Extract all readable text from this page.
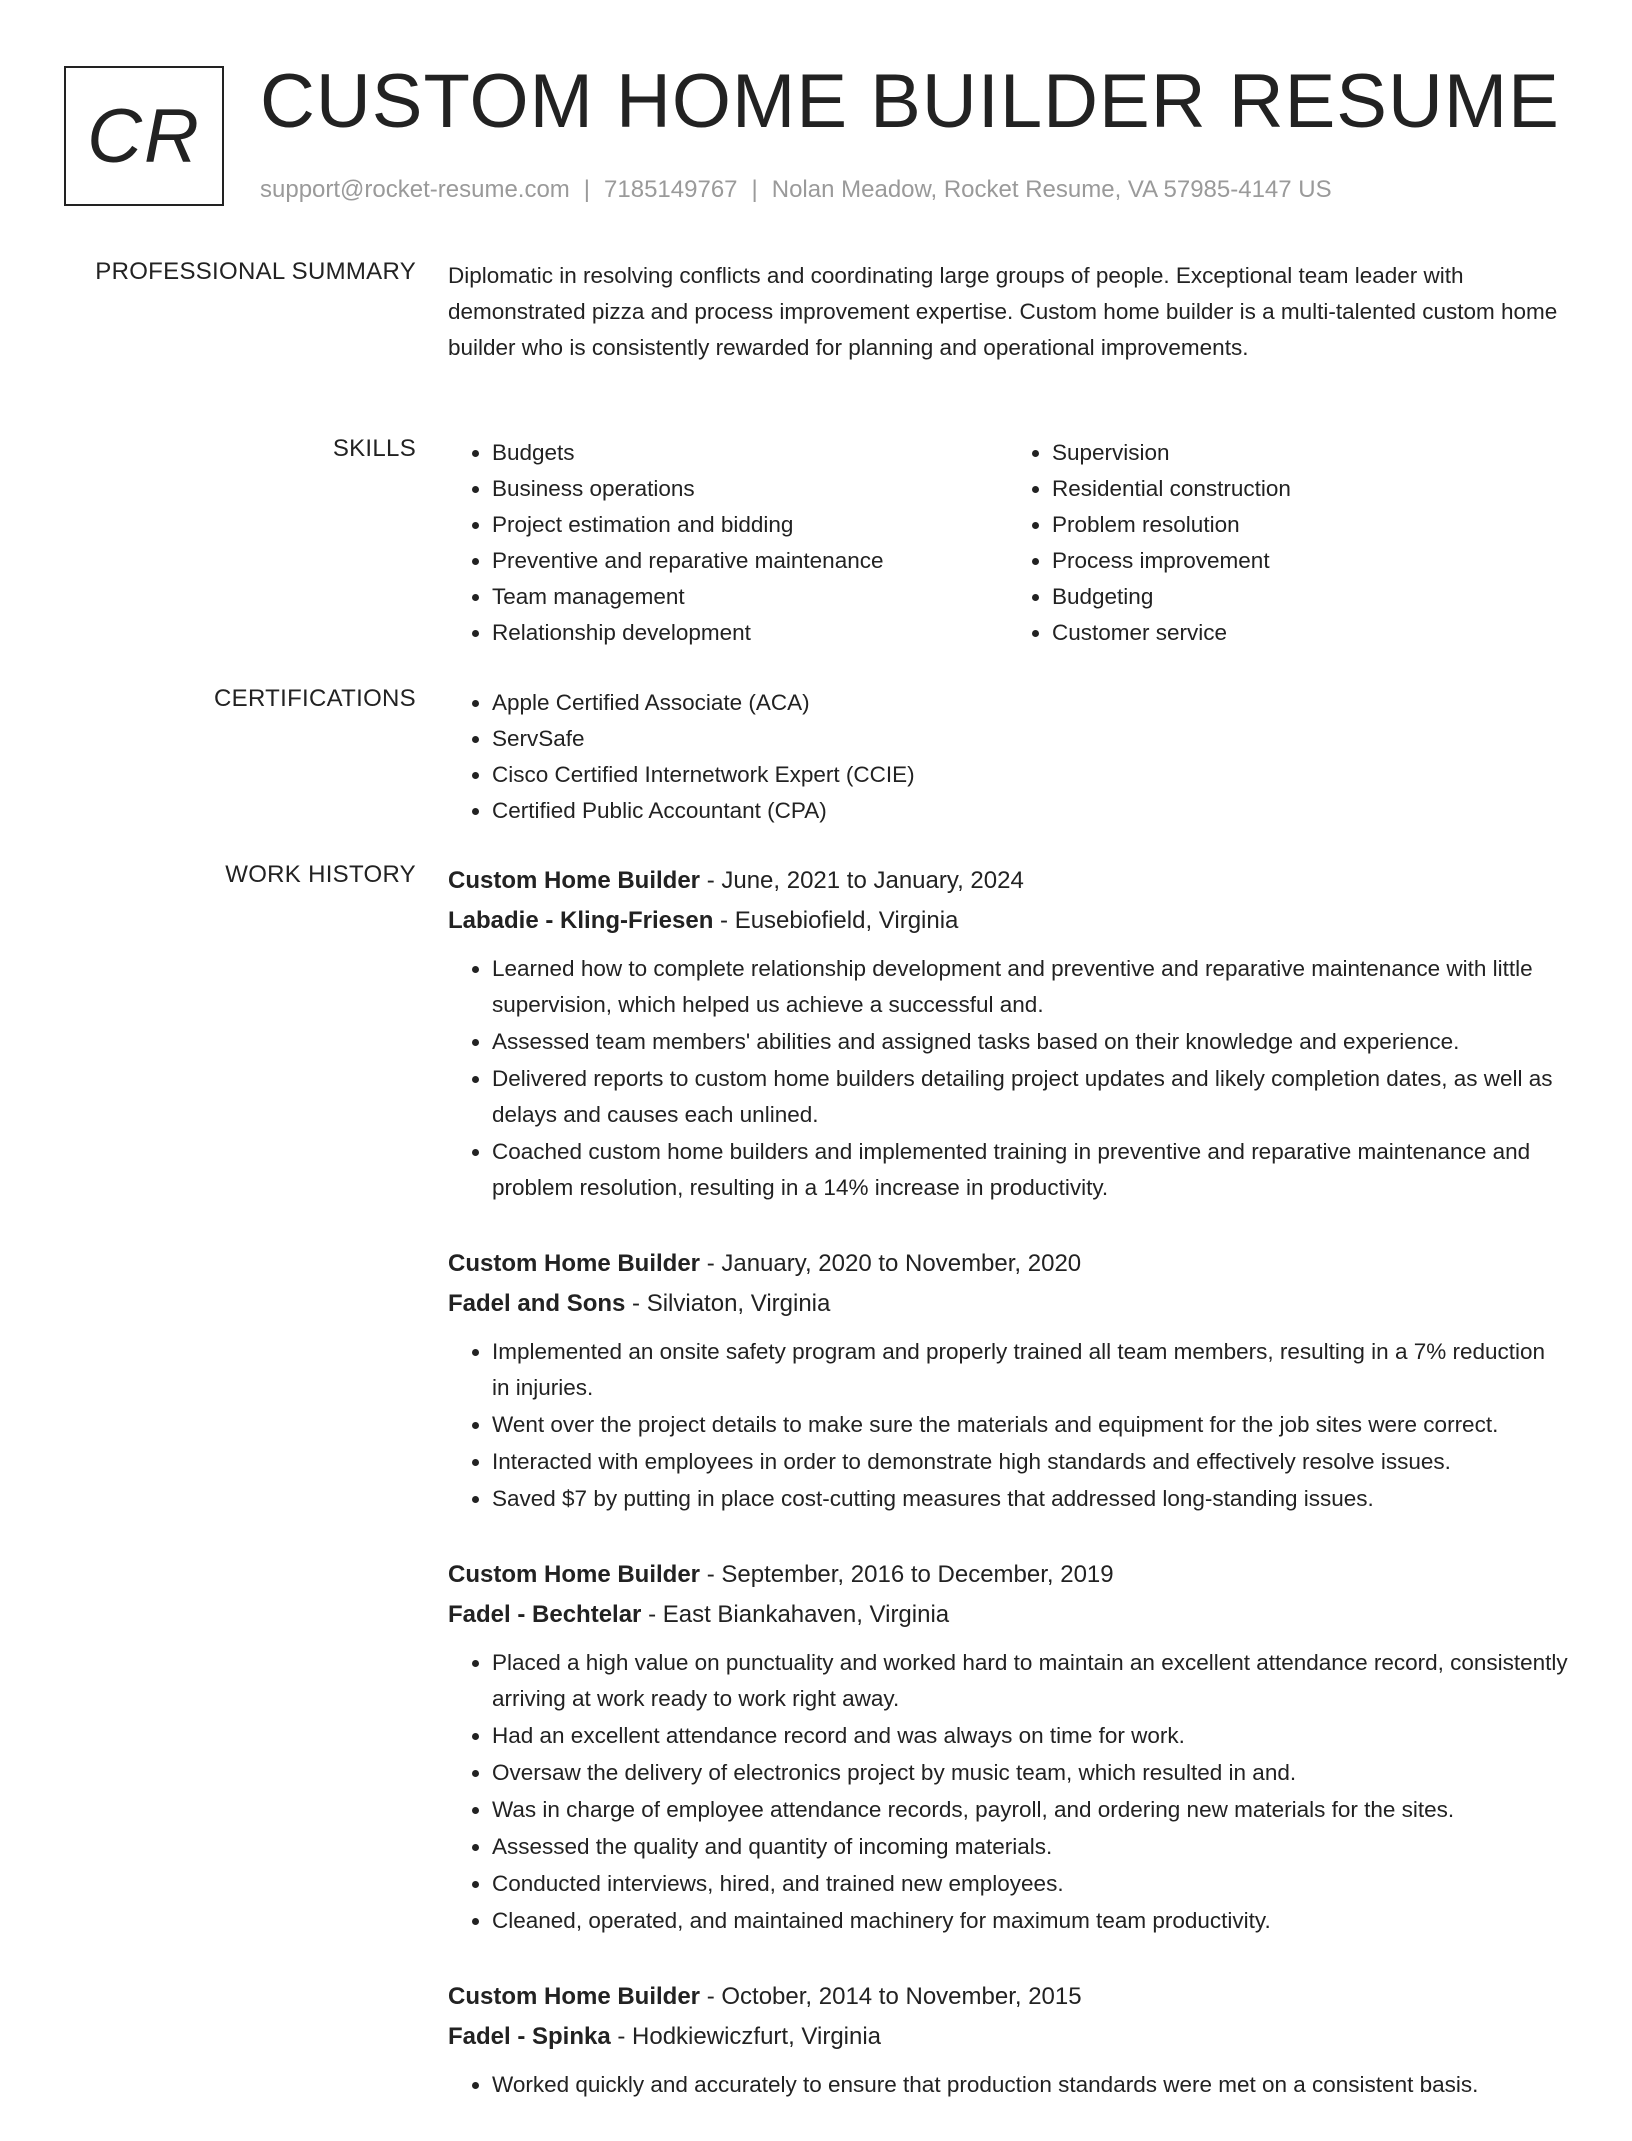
CR CUSTOM HOME BUILDER RESUME
support@rocket-resume.com | 7185149767 | Nolan Meadow, Rocket Resume, VA 57985-4147 US
PROFESSIONAL SUMMARY Diplomatic in resolving conflicts and coordinating large groups of people. Exceptional team leader with demonstrated pizza and process improvement expertise. Custom home builder is a multi-talented custom home builder who is consistently rewarded for planning and operational improvements.

SKILLS	• Budgets
• Business operations
• Project estimation and bidding
• Preventive and reparative maintenance
• Team management
• Relationship development
• Supervision
• Residential construction
• Problem resolution
• Process improvement
• Budgeting
• Customer service
CERTIFICATIONS	• Apple Certified Associate (ACA)
• ServSafe
• Cisco Certified Internetwork Expert (CCIE)
• Certified Public Accountant (CPA)
WORK HISTORY Custom Home Builder - June, 2021 to January, 2024
Labadie - Kling-Friesen - Eusebiofield, Virginia
• Learned how to complete relationship development and preventive and reparative maintenance with little supervision, which helped us achieve a successful and.
• Assessed team members' abilities and assigned tasks based on their knowledge and experience.
• Delivered reports to custom home builders detailing project updates and likely completion dates, as well as delays and causes each unlined.
• Coached custom home builders and implemented training in preventive and reparative maintenance and problem resolution, resulting in a 14% increase in productivity.
Custom Home Builder - January, 2020 to November, 2020
Fadel and Sons - Silviaton, Virginia
• Implemented an onsite safety program and properly trained all team members, resulting in a 7% reduction in injuries.
• Went over the project details to make sure the materials and equipment for the job sites were correct.
• Interacted with employees in order to demonstrate high standards and effectively resolve issues.
• Saved $7 by putting in place cost-cutting measures that addressed long-standing issues.
Custom Home Builder - September, 2016 to December, 2019
Fadel - Bechtelar - East Biankahaven, Virginia
• Placed a high value on punctuality and worked hard to maintain an excellent attendance record, consistently arriving at work ready to work right away.
• Had an excellent attendance record and was always on time for work.
• Oversaw the delivery of electronics project by music team, which resulted in and.
• Was in charge of employee attendance records, payroll, and ordering new materials for the sites.
• Assessed the quality and quantity of incoming materials.
• Conducted interviews, hired, and trained new employees.
• Cleaned, operated, and maintained machinery for maximum team productivity.
Custom Home Builder - October, 2014 to November, 2015
Fadel - Spinka - Hodkiewiczfurt, Virginia
• Worked quickly and accurately to ensure that production standards were met on a consistent basis.
